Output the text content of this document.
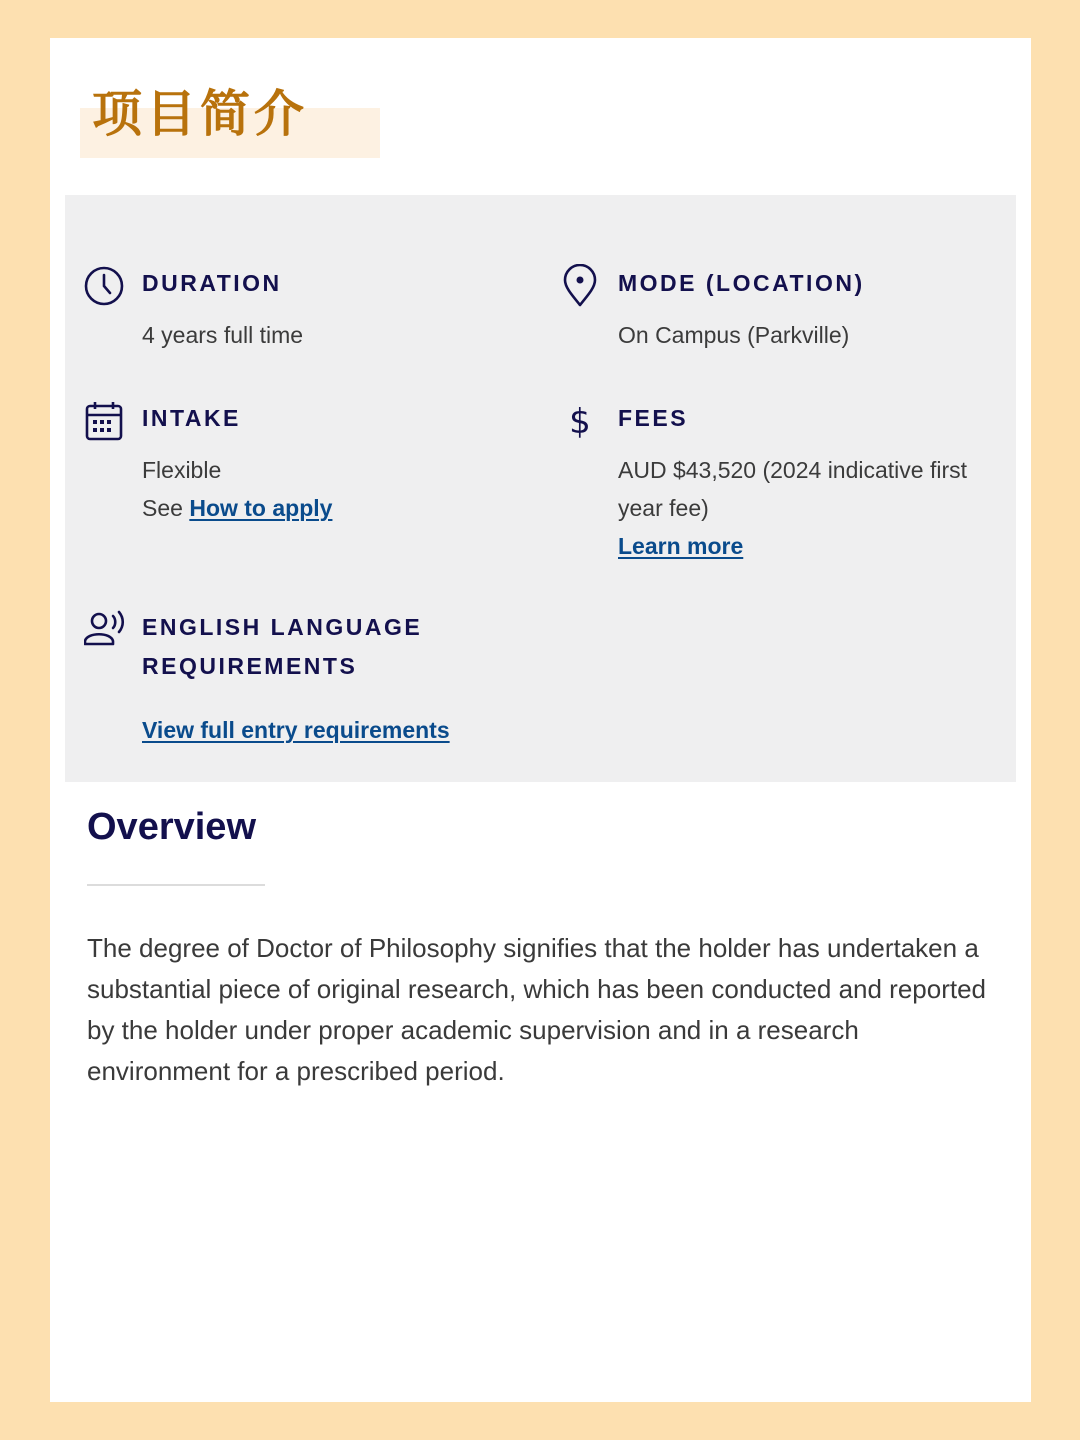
项目简介
DURATION

4 years full time

MODE (LOCATION)

On Campus (Parkville)

INTAKE

Flexible

See How to apply

$ FEES

AUD $43,520 (2024 indicative first year fee)

Learn more

ENGLISH LANGUAGE
REQUIREMENTS

View full entry requirements

Overview

The degree of Doctor of Philosophy signifies that the holder has undertaken a substantial piece of original research, which has been conducted and reported by the holder under proper academic supervision and in a research environment for a prescribed period.
